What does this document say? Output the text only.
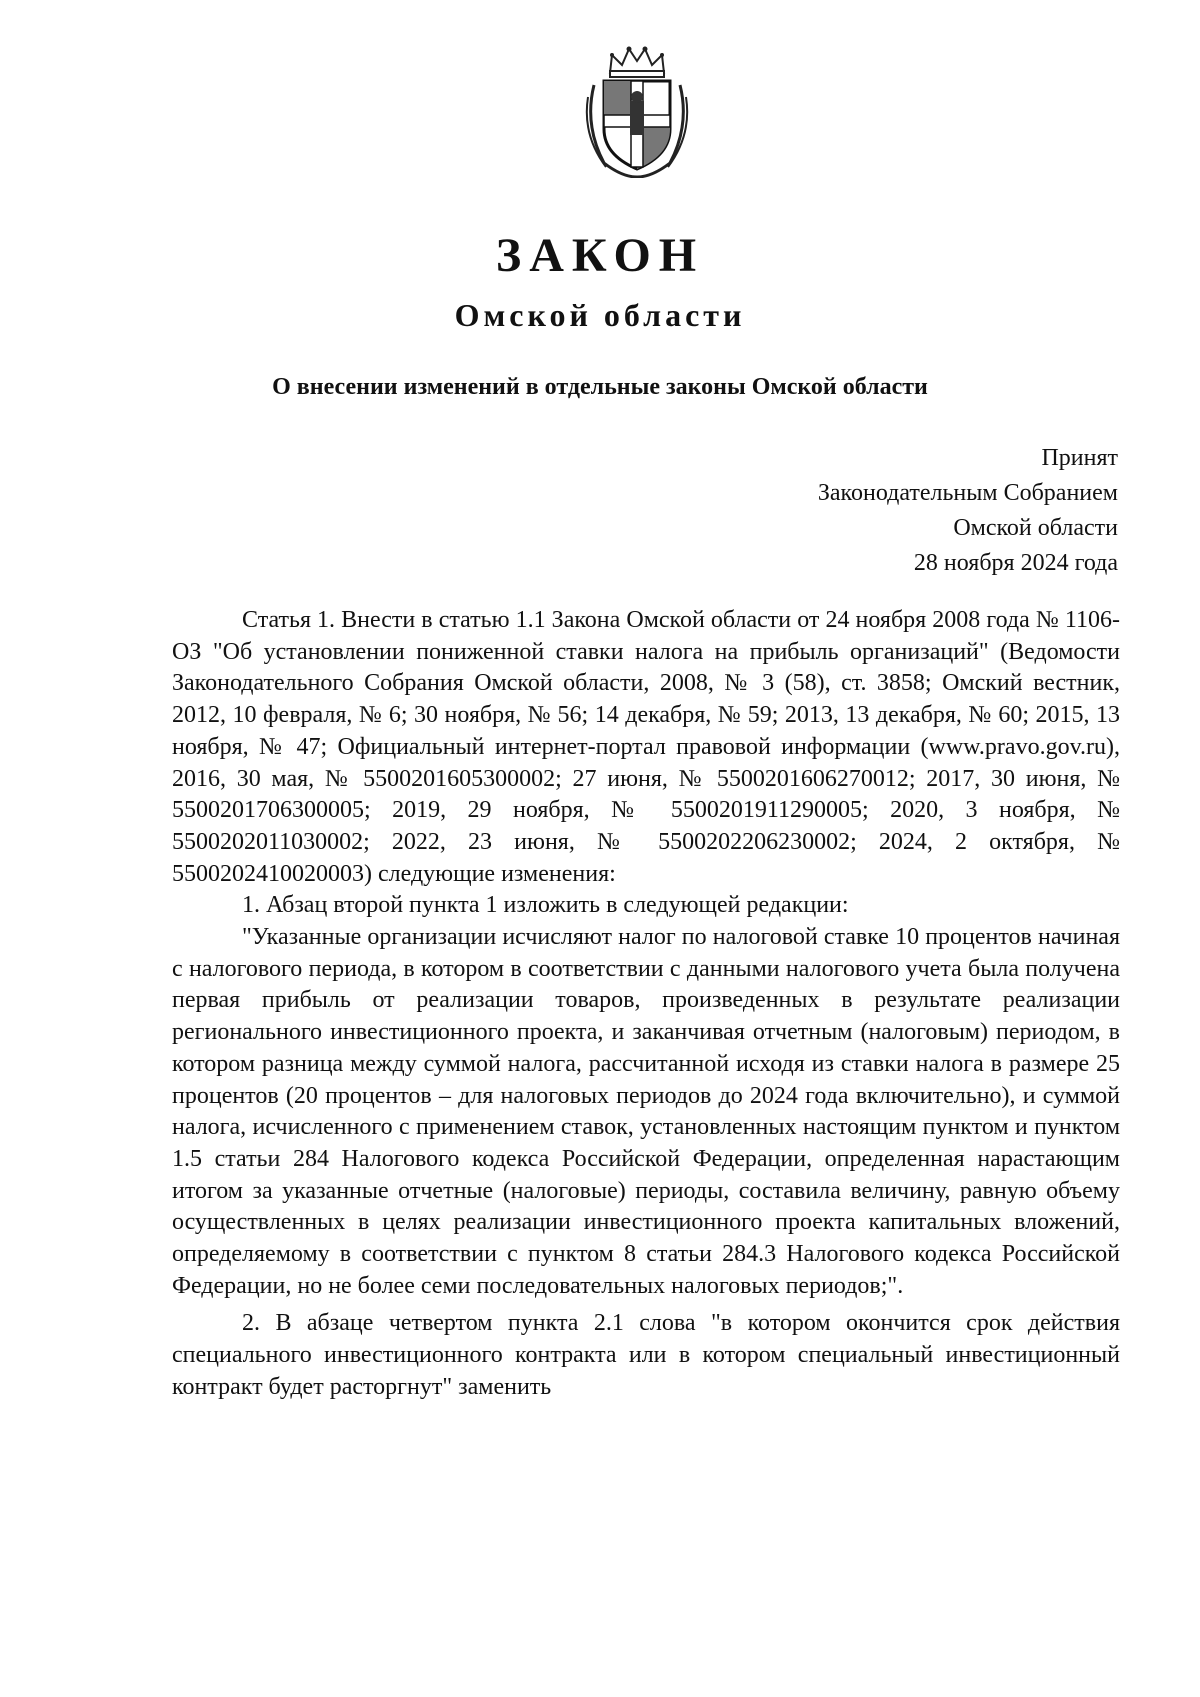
ЗАКОН
Омской области
О внесении изменений в отдельные законы Омской области
Принят
Законодательным Собранием
Омской области
28 ноября 2024 года

Статья 1. Внести в статью 1.1 Закона Омской области от 24 ноября 2008 года № 1106-ОЗ "Об установлении пониженной ставки налога на прибыль организаций" (Ведомости Законодательного Собрания Омской области, 2008, № 3 (58), ст. 3858; Омский вестник, 2012, 10 февраля, № 6; 30 ноября, № 56; 14 декабря, № 59; 2013, 13 декабря, № 60; 2015, 13 ноября, № 47; Официальный интернет-портал правовой информации (www.pravo.gov.ru), 2016, 30 мая, № 5500201605300002; 27 июня, № 5500201606270012; 2017, 30 июня, № 5500201706300005; 2019, 29 ноября, № 5500201911290005; 2020, 3 ноября, № 5500202011030002; 2022, 23 июня, № 5500202206230002; 2024, 2 октября, № 5500202410020003) следующие изменения:

1. Абзац второй пункта 1 изложить в следующей редакции:

"Указанные организации исчисляют налог по налоговой ставке 10 процентов начиная с налогового периода, в котором в соответствии с данными налогового учета была получена первая прибыль от реализации товаров, произведенных в результате реализации регионального инвестиционного проекта, и заканчивая отчетным (налоговым) периодом, в котором разница между суммой налога, рассчитанной исходя из ставки налога в размере 25 процентов (20 процентов – для налоговых периодов до 2024 года включительно), и суммой налога, исчисленного с применением ставок, установленных настоящим пунктом и пунктом 1.5 статьи 284 Налогового кодекса Российской Федерации, определенная нарастающим итогом за указанные отчетные (налоговые) периоды, составила величину, равную объему осуществленных в целях реализации инвестиционного проекта капитальных вложений, определяемому в соответствии с пунктом 8 статьи 284.3 Налогового кодекса Российской Федерации, но не более семи последовательных налоговых периодов;".

2. В абзаце четвертом пункта 2.1 слова "в котором окончится срок действия специального инвестиционного контракта или в котором специальный инвестиционный контракт будет расторгнут" заменить
